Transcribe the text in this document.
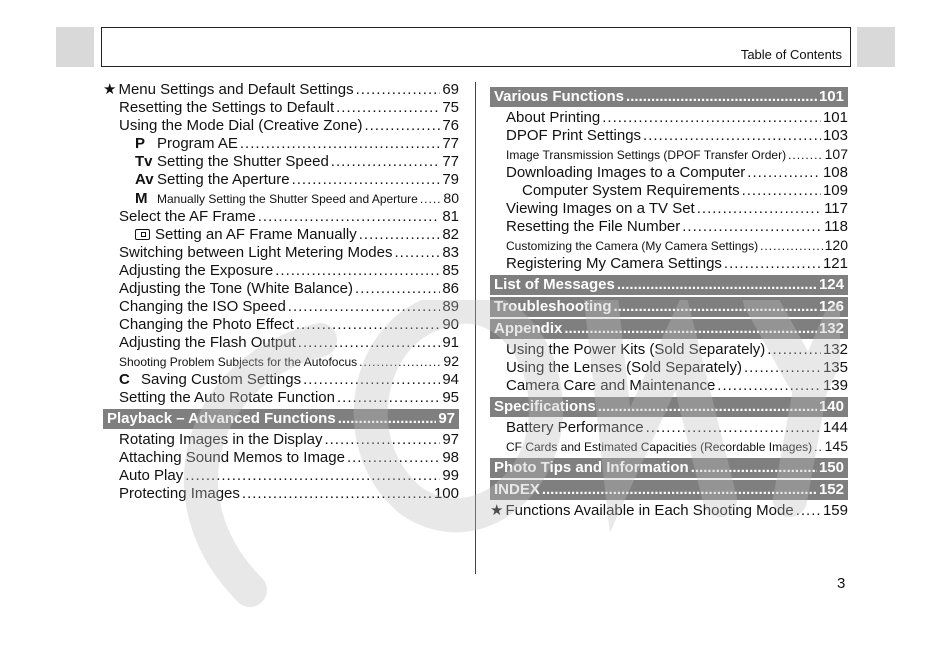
Table of Contents
★ Menu Settings and Default Settings .....	69
Resetting the Settings to Default .....	75
Using the Mode Dial (Creative Zone) .....	76
P Program AE .....	77
Tv Setting the Shutter Speed .....	77
Av Setting the Aperture .....	79
M Manually Setting the Shutter Speed and Aperture ..... 80
Select the AF Frame .....	81
Setting an AF Frame Manually .....	82
Switching between Light Metering Modes .....	83
Adjusting the Exposure .....	85
Adjusting the Tone (White Balance) .....	86
Changing the ISO Speed .....	89
Changing the Photo Effect .....	90
Adjusting the Flash Output .....	91
Shooting Problem Subjects for the Autofocus .....	92
C Saving Custom Settings .....	94
Setting the Auto Rotate Function .....	95
Playback – Advanced Functions .....	97
Rotating Images in the Display .....	97
Attaching Sound Memos to Image .....	98
Auto Play .....	99
Protecting Images .....	100
Various Functions .....	101
About Printing .....	101
DPOF Print Settings .....	103
Image Transmission Settings (DPOF Transfer Order) .....	107
Downloading Images to a Computer .....	108
Computer System Requirements .....	109
Viewing Images on a TV Set .....	117
Resetting the File Number .....	118
Customizing the Camera (My Camera Settings) .....	120
Registering My Camera Settings .....	121
List of Messages .....	124
Troubleshooting .....	126
Appendix .....	132
Using the Power Kits (Sold Separately) .....	132
Using the Lenses (Sold Separately) .....	135
Camera Care and Maintenance .....	139
Specifications .....	140
Battery Performance .....	144
CF Cards and Estimated Capacities (Recordable Images) ..... 145
Photo Tips and Information .....	150
INDEX .....	152
★ Functions Available in Each Shooting Mode ..... 159
3
